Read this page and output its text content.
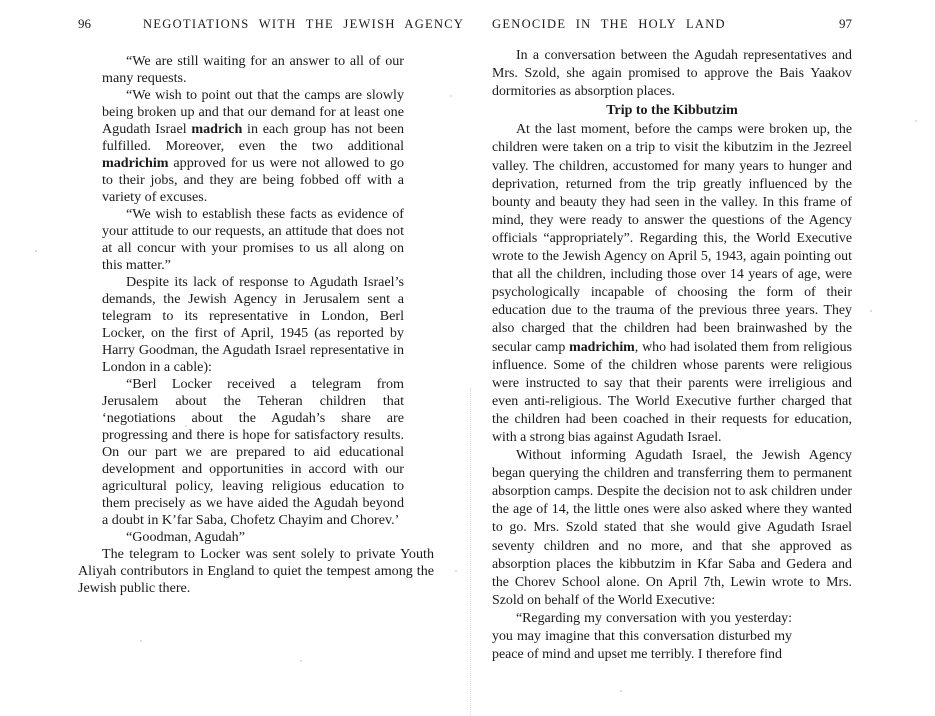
96	NEGOTIATIONS WITH THE JEWISH AGENCY

“We are still waiting for an answer to all of our many requests.

“We wish to point out that the camps are slowly being broken up and that our demand for at least one Agudath Israel madrich in each group has not been fulfilled. Moreover, even the two additional madrichim approved for us were not allowed to go to their jobs, and they are being fobbed off with a variety of excuses.

“We wish to establish these facts as evidence of your attitude to our requests, an attitude that does not at all concur with your promises to us all along on this matter.”

Despite its lack of response to Agudath Israel’s demands, the Jewish Agency in Jerusalem sent a telegram to its representative in London, Berl Locker, on the first of April, 1945 (as reported by Harry Goodman, the Agudath Israel representative in London in a cable):

“Berl Locker received a telegram from Jerusalem about the Teheran children that ‘negotiations about the Agudah’s share are progressing and there is hope for satisfactory results. On our part we are prepared to aid educational development and opportunities in accord with our agricultural policy, leaving religious education to them precisely as we have aided the Agudah beyond a doubt in K’far Saba, Chofetz Chayim and Chorev.’

“Goodman, Agudah”

The telegram to Locker was sent solely to private Youth Aliyah contributors in England to quiet the tempest among the Jewish public there.

GENOCIDE IN THE HOLY LAND	97

In a conversation between the Agudah representatives and Mrs. Szold, she again promised to approve the Bais Yaakov dormitories as absorption places.

Trip to the Kibbutzim

At the last moment, before the camps were broken up, the children were taken on a trip to visit the kibutzim in the Jezreel valley. The children, accustomed for many years to hunger and deprivation, returned from the trip greatly influenced by the bounty and beauty they had seen in the valley. In this frame of mind, they were ready to answer the questions of the Agency officials “appropriately”. Regarding this, the World Executive wrote to the Jewish Agency on April 5, 1943, again pointing out that all the children, including those over 14 years of age, were psychologically incapable of choosing the form of their education due to the trauma of the previous three years. They also charged that the children had been brainwashed by the secular camp madrichim, who had isolated them from religious influence. Some of the children whose parents were religious were instructed to say that their parents were irreligious and even anti-religious. The World Executive further charged that the children had been coached in their requests for education, with a strong bias against Agudath Israel.

Without informing Agudath Israel, the Jewish Agency began querying the children and transferring them to permanent absorption camps. Despite the decision not to ask children under the age of 14, the little ones were also asked where they wanted to go. Mrs. Szold stated that she would give Agudath Israel seventy children and no more, and that she approved as absorption places the kibbutzim in Kfar Saba and Gedera and the Chorev School alone. On April 7th, Lewin wrote to Mrs. Szold on behalf of the World Executive:

“Regarding my conversation with you yesterday: you may imagine that this conversation disturbed my peace of mind and upset me terribly. I therefore find
